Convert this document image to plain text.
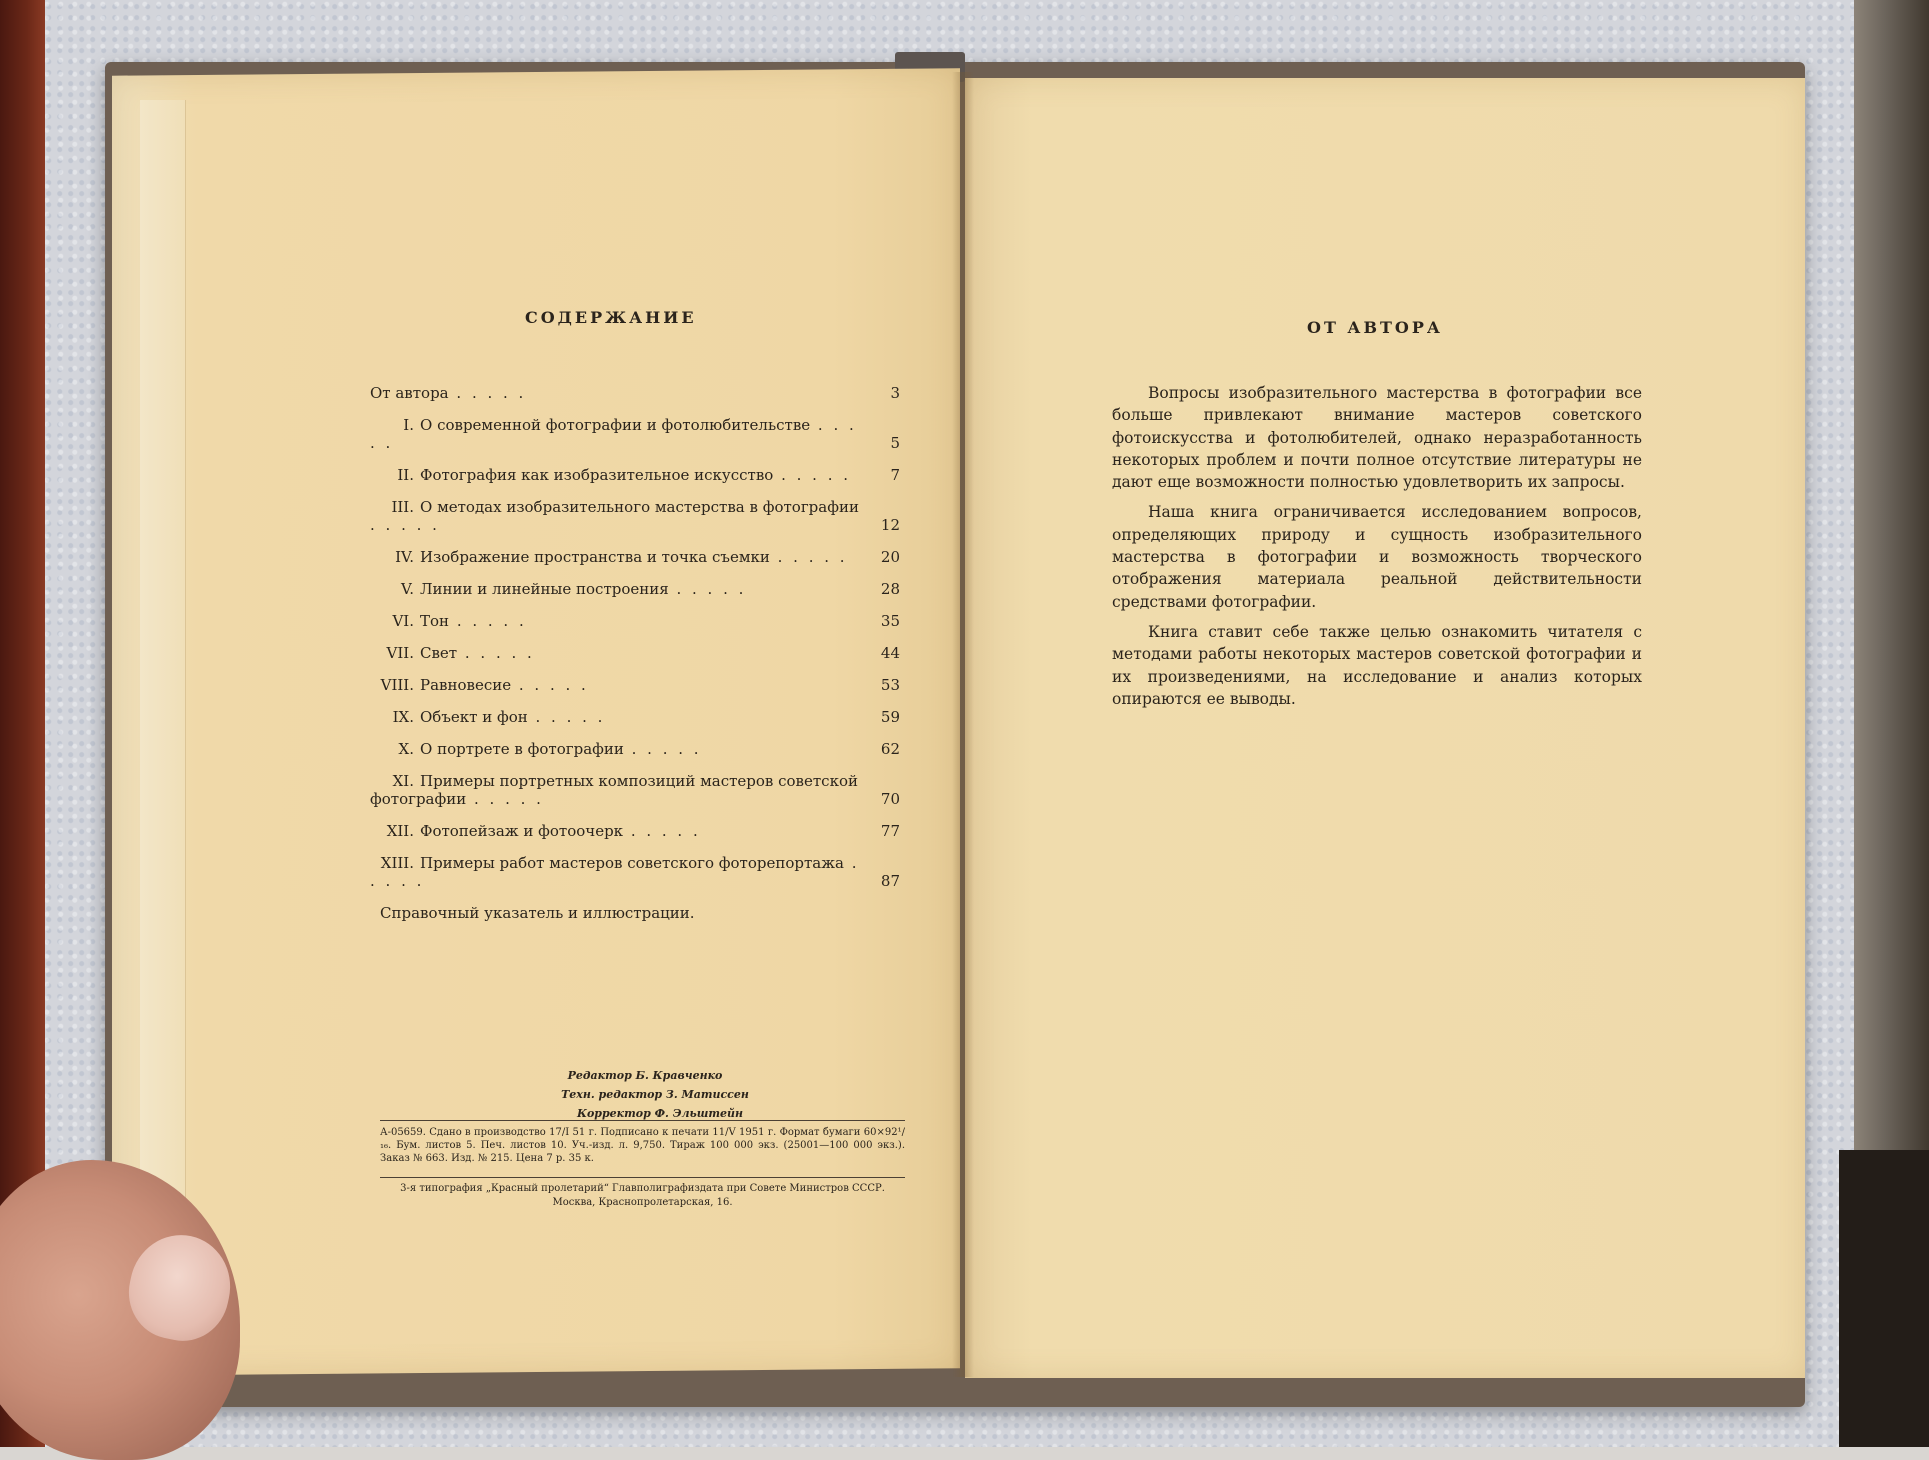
СОДЕРЖАНИЕ
От автора . . . . .	3
I. О современной фотографии и фотолюбительстве . . . . .	5
II. Фотография как изобразительное искусство . . . . .	7
III. О методах изобразительного мастерства в фотографии . . . . .	12
IV. Изображение пространства и точка съемки . . . . . 20
V. Линии и линейные построения . . . . .	28
VI. Тон . . . . .	35
VII. Свет . . . . .	44
VIII. Равновесие . . . . .	53
IX. Объект и фон . . . . .	59
X. О портрете в фотографии . . . . .	62
XI. Примеры портретных композиций мастеров советской фотографии . . . . .	70
XII. Фотопейзаж и фотоочерк . . . . .	77
XIII. Примеры работ мастеров советского фоторепортажа . . . . .	87
Справочный указатель и иллюстрации.
Редактор Б. Кравченко
Техн. редактор З. Матиссен
Корректор Ф. Эльштейн
А-05659. Сдано в производство 17/I 51 г. Подписано к печати 11/V 1951 г. Формат бумаги 60×92¹/₁₆. Бум. листов 5. Печ. листов 10. Уч.-изд. л. 9,750. Тираж 100 000 экз. (25001—100 000 экз.). Заказ № 663. Изд. № 215. Цена 7 р. 35 к.
3-я типография „Красный пролетарий“ Главполиграфиздата при Совете Министров СССР. Москва, Краснопролетарская, 16.
ОТ АВТОРА

Вопросы изобразительного мастерства в фотографии все больше привлекают внимание мастеров советского фотоискусства и фотолюбителей, однако неразработанность некоторых проблем и почти полное отсутствие литературы не дают еще возможности полностью удовлетворить их запросы.

Наша книга ограничивается исследованием вопросов, определяющих природу и сущность изобразительного мастерства в фотографии и возможность творческого отображения материала реальной действительности средствами фотографии.

Книга ставит себе также целью ознакомить читателя с методами работы некоторых мастеров советской фотографии и их произведениями, на исследование и анализ которых опираются ее выводы.
